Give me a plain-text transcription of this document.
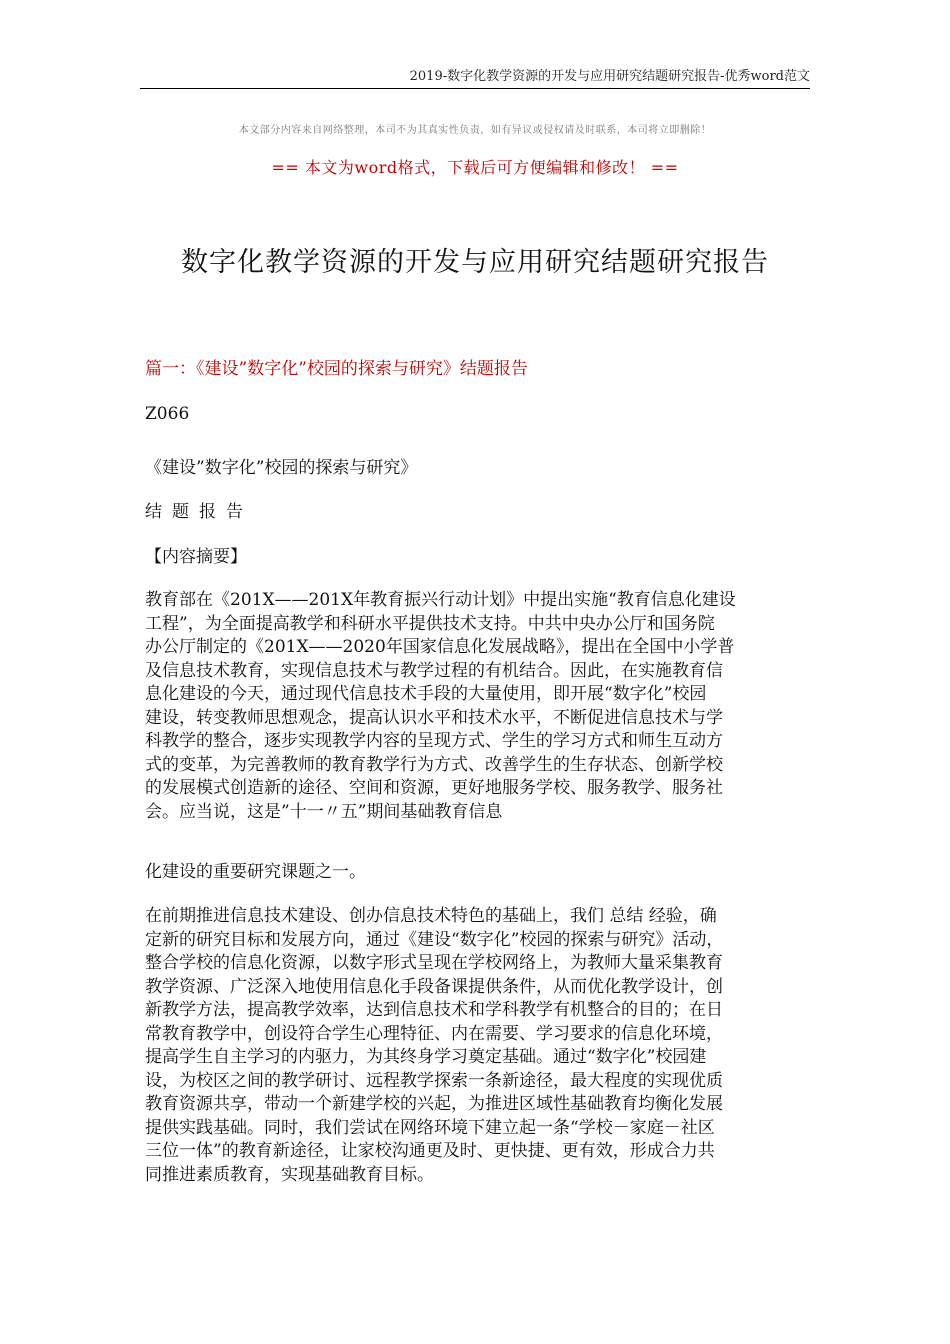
2019-数字化教学资源的开发与应用研究结题研究报告-优秀word范文
本文部分内容来自网络整理，本司不为其真实性负责，如有异议或侵权请及时联系，本司将立即删除！
== 本文为word格式，下载后可方便编辑和修改！ ==
数字化教学资源的开发与应用研究结题研究报告
篇一：《建设”数字化”校园的探索与研究》结题报告
Z066
《建设”数字化”校园的探索与研究》
结题报告
【内容摘要】
教育部在《201X——201X年教育振兴行动计划》中提出实施“教育信息化建设
工程”，为全面提高教学和科研水平提供技术支持。中共中央办公厅和国务院
办公厅制定的《201X——2020年国家信息化发展战略》，提出在全国中小学普
及信息技术教育，实现信息技术与教学过程的有机结合。因此，在实施教育信
息化建设的今天，通过现代信息技术手段的大量使用，即开展“数字化”校园
建设，转变教师思想观念，提高认识水平和技术水平，不断促进信息技术与学
科教学的整合，逐步实现教学内容的呈现方式、学生的学习方式和师生互动方
式的变革，为完善教师的教育教学行为方式、改善学生的生存状态、创新学校
的发展模式创造新的途径、空间和资源，更好地服务学校、服务教学、服务社
会。应当说，这是”十一〃五”期间基础教育信息
化建设的重要研究课题之一。
在前期推进信息技术建设、创办信息技术特色的基础上，我们 总结 经验，确
定新的研究目标和发展方向，通过《建设“数字化”校园的探索与研究》活动，
整合学校的信息化资源，以数字形式呈现在学校网络上，为教师大量采集教育
教学资源、广泛深入地使用信息化手段备课提供条件，从而优化教学设计，创
新教学方法，提高教学效率，达到信息技术和学科教学有机整合的目的；在日
常教育教学中，创设符合学生心理特征、内在需要、学习要求的信息化环境，
提高学生自主学习的内驱力，为其终身学习奠定基础。通过“数字化”校园建
设，为校区之间的教学研讨、远程教学探索一条新途径，最大程度的实现优质
教育资源共享，带动一个新建学校的兴起，为推进区域性基础教育均衡化发展
提供实践基础。同时，我们尝试在网络环境下建立起一条“学校－家庭－社区
三位一体”的教育新途径，让家校沟通更及时、更快捷、更有效，形成合力共
同推进素质教育，实现基础教育目标。
